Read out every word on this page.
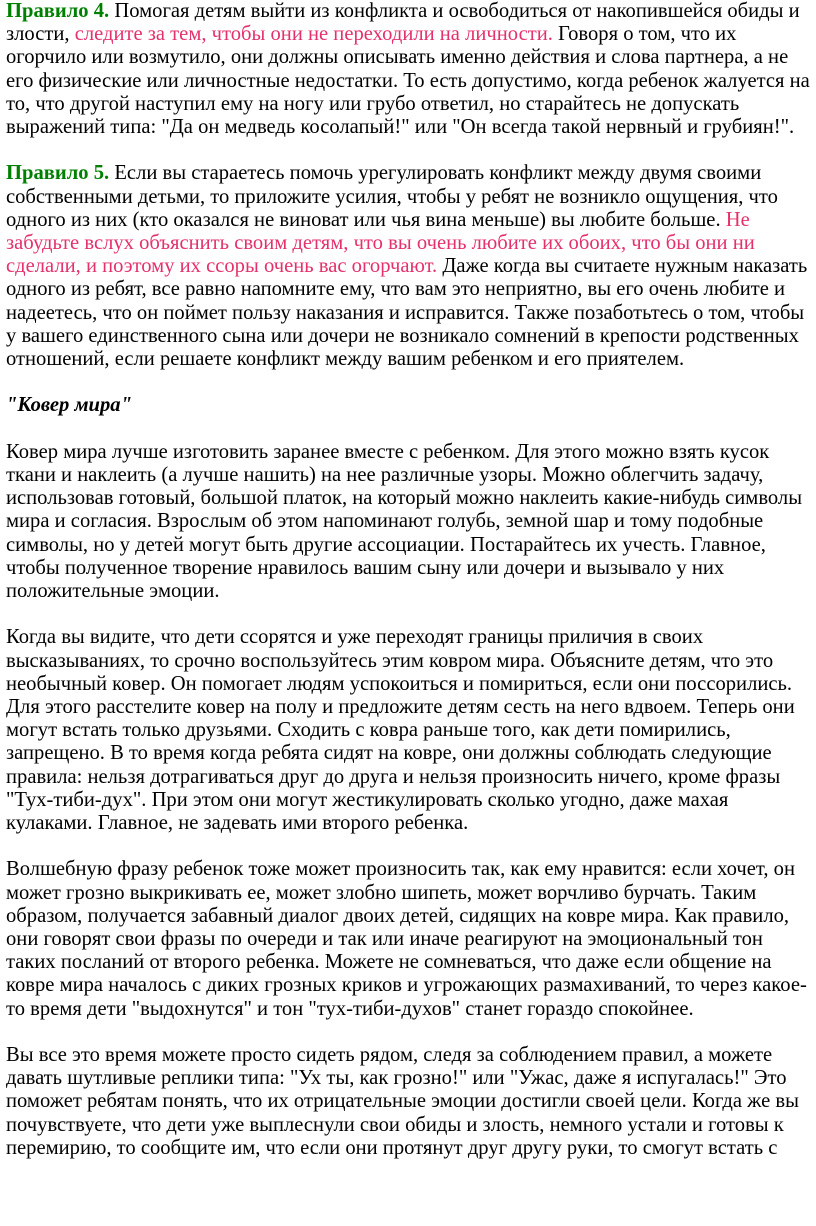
Правило 4. Помогая детям выйти из конфликта и освободиться от накопившейся обиды и злости, следите за тем, чтобы они не переходили на личности. Говоря о том, что их огорчило или возмутило, они должны описывать именно действия и слова партнера, а не его физические или личностные недостатки. То есть допустимо, когда ребенок жалуется на то, что другой наступил ему на ногу или грубо ответил, но старайтесь не допускать выражений типа: "Да он медведь косолапый!" или "Он всегда такой нервный и грубиян!".

Правило 5. Если вы стараетесь помочь урегулировать конфликт между двумя своими собственными детьми, то приложите усилия, чтобы у ребят не возникло ощущения, что одного из них (кто оказался не виноват или чья вина меньше) вы любите больше. Не забудьте вслух объяснить своим детям, что вы очень любите их обоих, что бы они ни сделали, и поэтому их ссоры очень вас огорчают. Даже когда вы считаете нужным наказать одного из ребят, все равно напомните ему, что вам это неприятно, вы его очень любите и надеетесь, что он поймет пользу наказания и исправится. Также позаботьтесь о том, чтобы у вашего единственного сына или дочери не возникало сомнений в крепости родственных отношений, если решаете конфликт между вашим ребенком и его приятелем.

"Ковер мира"

Ковер мира лучше изготовить заранее вместе с ребенком. Для этого можно взять кусок ткани и наклеить (а лучше нашить) на нее различные узоры. Можно облегчить задачу, использовав готовый, большой платок, на который можно наклеить какие-нибудь символы мира и согласия. Взрослым об этом напоминают голубь, земной шар и тому подобные символы, но у детей могут быть другие ассоциации. Постарайтесь их учесть. Главное, чтобы полученное творение нравилось вашим сыну или дочери и вызывало у них положительные эмоции.

Когда вы видите, что дети ссорятся и уже переходят границы приличия в своих высказываниях, то срочно воспользуйтесь этим ковром мира. Объясните детям, что это необычный ковер. Он помогает людям успокоиться и помириться, если они поссорились. Для этого расстелите ковер на полу и предложите детям сесть на него вдвоем. Теперь они могут встать только друзьями. Сходить с ковра раньше того, как дети помирились, запрещено. В то время когда ребята сидят на ковре, они должны соблюдать следующие правила: нельзя дотрагиваться друг до друга и нельзя произносить ничего, кроме фразы "Тух-тиби-дух". При этом они могут жестикулировать сколько угодно, даже махая кулаками. Главное, не задевать ими второго ребенка.

Волшебную фразу ребенок тоже может произносить так, как ему нравится: если хочет, он может грозно выкрикивать ее, может злобно шипеть, может ворчливо бурчать. Таким образом, получается забавный диалог двоих детей, сидящих на ковре мира. Как правило, они говорят свои фразы по очереди и так или иначе реагируют на эмоциональный тон таких посланий от второго ребенка. Можете не сомневаться, что даже если общение на ковре мира началось с диких грозных криков и угрожающих размахиваний, то через какое-то время дети "выдохнутся" и тон "тух-тиби-духов" станет гораздо спокойнее.

Вы все это время можете просто сидеть рядом, следя за соблюдением правил, а можете давать шутливые реплики типа: "Ух ты, как грозно!" или "Ужас, даже я испугалась!" Это поможет ребятам понять, что их отрицательные эмоции достигли своей цели. Когда же вы почувствуете, что дети уже выплеснули свои обиды и злость, немного устали и готовы к перемирию, то сообщите им, что если они протянут друг другу руки, то смогут встать с
